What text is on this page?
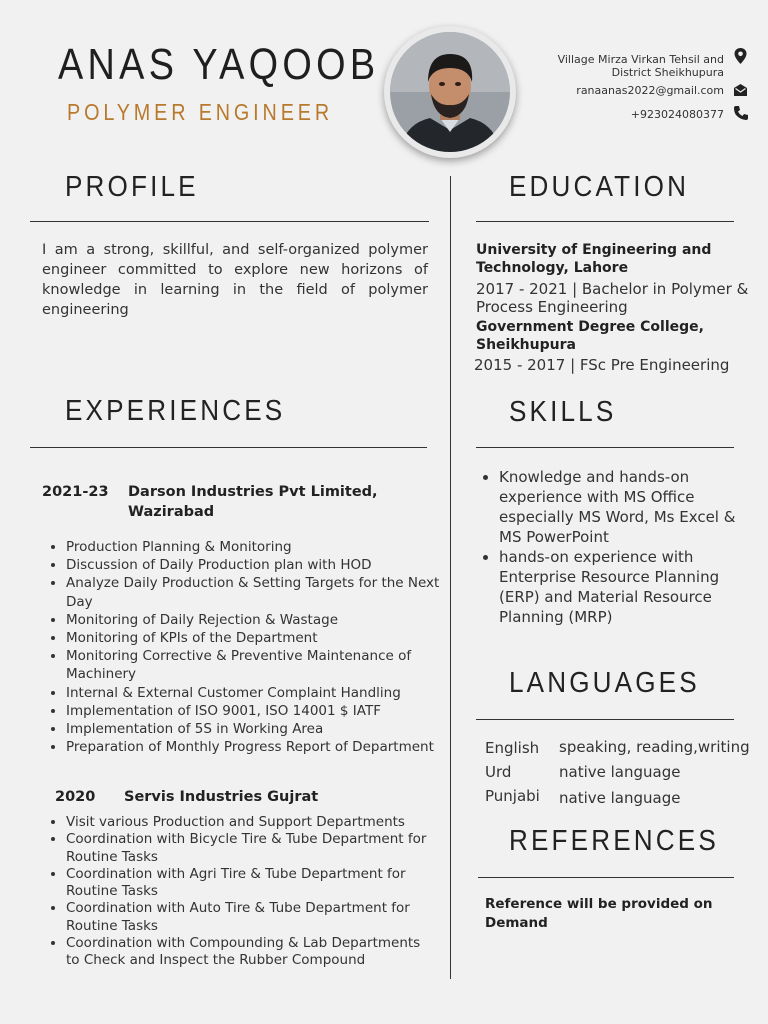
ANAS YAQOOB
POLYMER ENGINEER
Village Mirza Virkan Tehsil and
District Sheikhupura
ranaanas2022@gmail.com
+923024080377
PROFILE
I am a strong, skillful, and self-organized polymer engineer committed to explore new horizons of knowledge in learning in the field of polymer engineering
EDUCATION
University of Engineering and Technology, Lahore
2017 - 2021 | Bachelor in Polymer & Process Engineering
Government Degree College, Sheikhupura
2015 - 2017 | FSc Pre Engineering
EXPERIENCES
2021-23 Darson Industries Pvt Limited, Wazirabad
• Production Planning & Monitoring
• Discussion of Daily Production plan with HOD
• Analyze Daily Production & Setting Targets for the Next Day
• Monitoring of Daily Rejection & Wastage
• Monitoring of KPIs of the Department
• Monitoring Corrective & Preventive Maintenance of Machinery
• Internal & External Customer Complaint Handling
• Implementation of ISO 9001, ISO 14001 $ IATF
• Implementation of 5S in Working Area
• Preparation of Monthly Progress Report of Department
2020 Servis Industries Gujrat
• Visit various Production and Support Departments
• Coordination with Bicycle Tire & Tube Department for Routine Tasks
• Coordination with Agri Tire & Tube Department for Routine Tasks
• Coordination with Auto Tire & Tube Department for Routine Tasks
• Coordination with Compounding & Lab Departments to Check and Inspect the Rubber Compound
SKILLS
• Knowledge and hands-on experience with MS Office especially MS Word, Ms Excel & MS PowerPoint
• hands-on experience with Enterprise Resource Planning (ERP) and Material Resource Planning (MRP)
LANGUAGES
English speaking, reading,writing
Urd	native language
Punjabi native language
REFERENCES
Reference will be provided on Demand
